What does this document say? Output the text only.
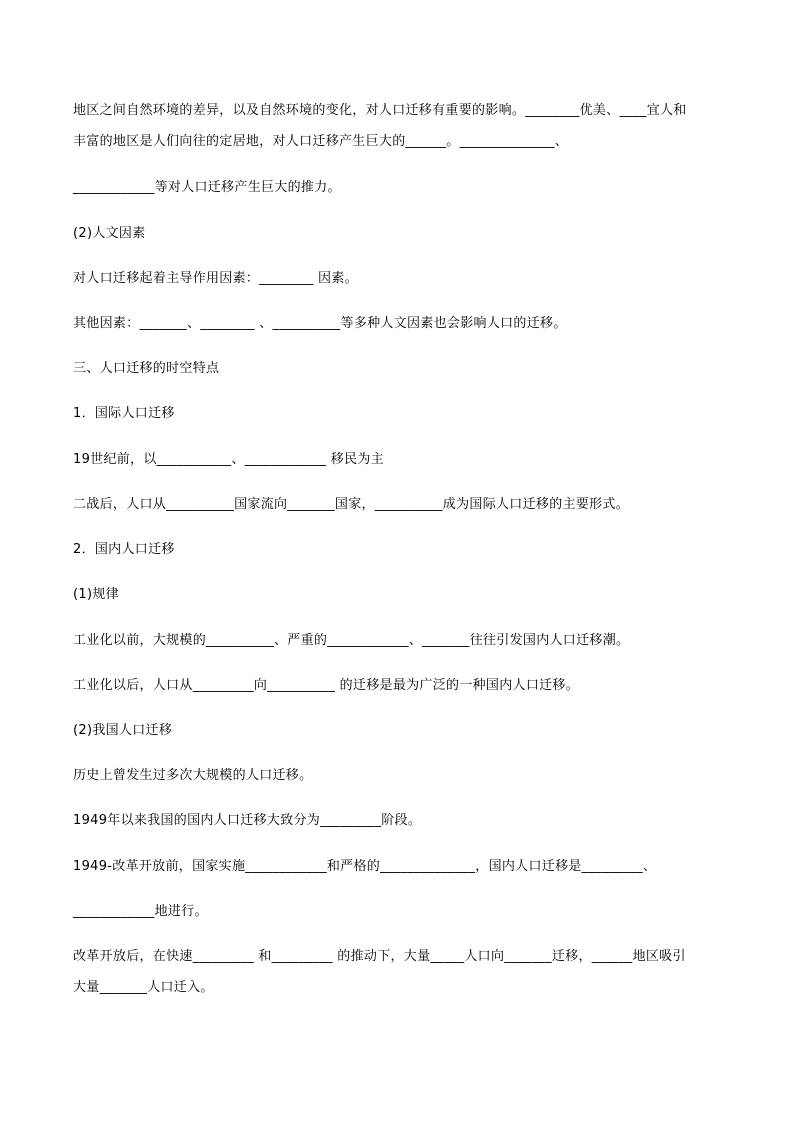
地区之间自然环境的差异，以及自然环境的变化，对人口迁移有重要的影响。________优美、____宜人和
丰富的地区是人们向往的定居地，对人口迁移产生巨大的______。______________、
____________等对人口迁移产生巨大的推力。
(2)人文因素
对人口迁移起着主导作用因素：________ 因素。
其他因素：_______、________ 、__________等多种人文因素也会影响人口的迁移。
三、人口迁移的时空特点
1．国际人口迁移
19世纪前，以___________、____________ 移民为主
二战后，人口从__________国家流向_______国家，__________成为国际人口迁移的主要形式。
2．国内人口迁移
(1)规律
工业化以前，大规模的__________、严重的____________、_______往往引发国内人口迁移潮。
工业化以后，人口从_________向__________ 的迁移是最为广泛的一种国内人口迁移。
(2)我国人口迁移
历史上曾发生过多次大规模的人口迁移。
1949年以来我国的国内人口迁移大致分为_________阶段。
1949-改革开放前，国家实施____________和严格的______________，国内人口迁移是_________、
____________地进行。
改革开放后，在快速_________ 和_________ 的推动下，大量_____人口向_______迁移，______地区吸引
大量_______人口迁入。
